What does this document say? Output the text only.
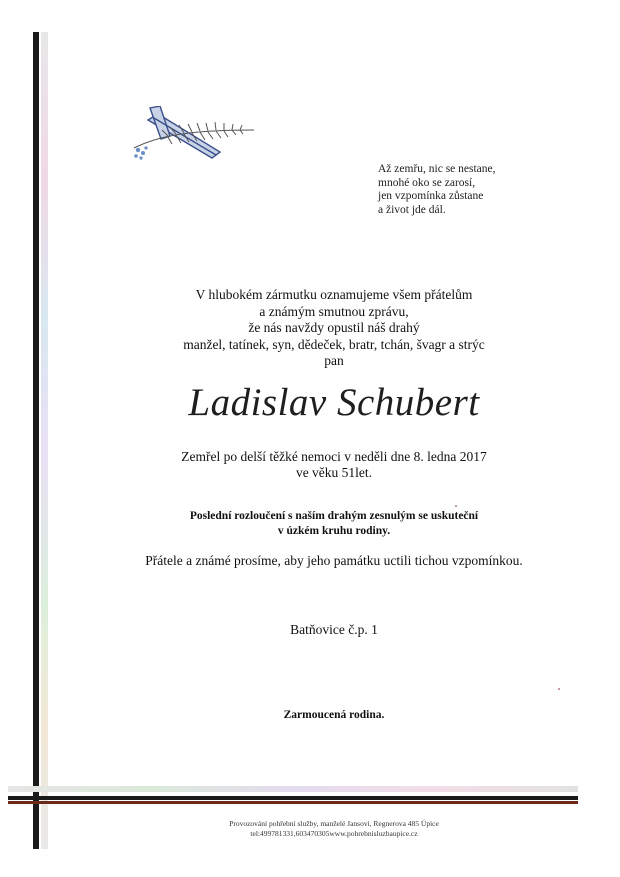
Až zemřu, nic se nestane,
mnohé oko se zarosí,
jen vzpomínka zůstane
a život jde dál.
V hlubokém zármutku oznamujeme všem přátelům
a známým smutnou zprávu,
že nás navždy opustil náš drahý
manžel, tatínek, syn, dědeček, bratr, tchán, švagr a strýc
pan
Ladislav Schubert
Zemřel po delší těžké nemoci v neděli dne 8. ledna 2017
ve věku 51let.
Poslední rozloučení s naším drahým zesnulým se uskuteční
v úzkém kruhu rodiny.
Přátele a známé prosíme, aby jeho památku uctili tichou vzpomínkou.
Batňovice č.p. 1
Zarmoucená rodina.
Provozování pohřební služby, manželé Jansovi, Regnerova 485 Úpice
tel:499781331,603470305www.pohrebnisluzbaupice.cz
